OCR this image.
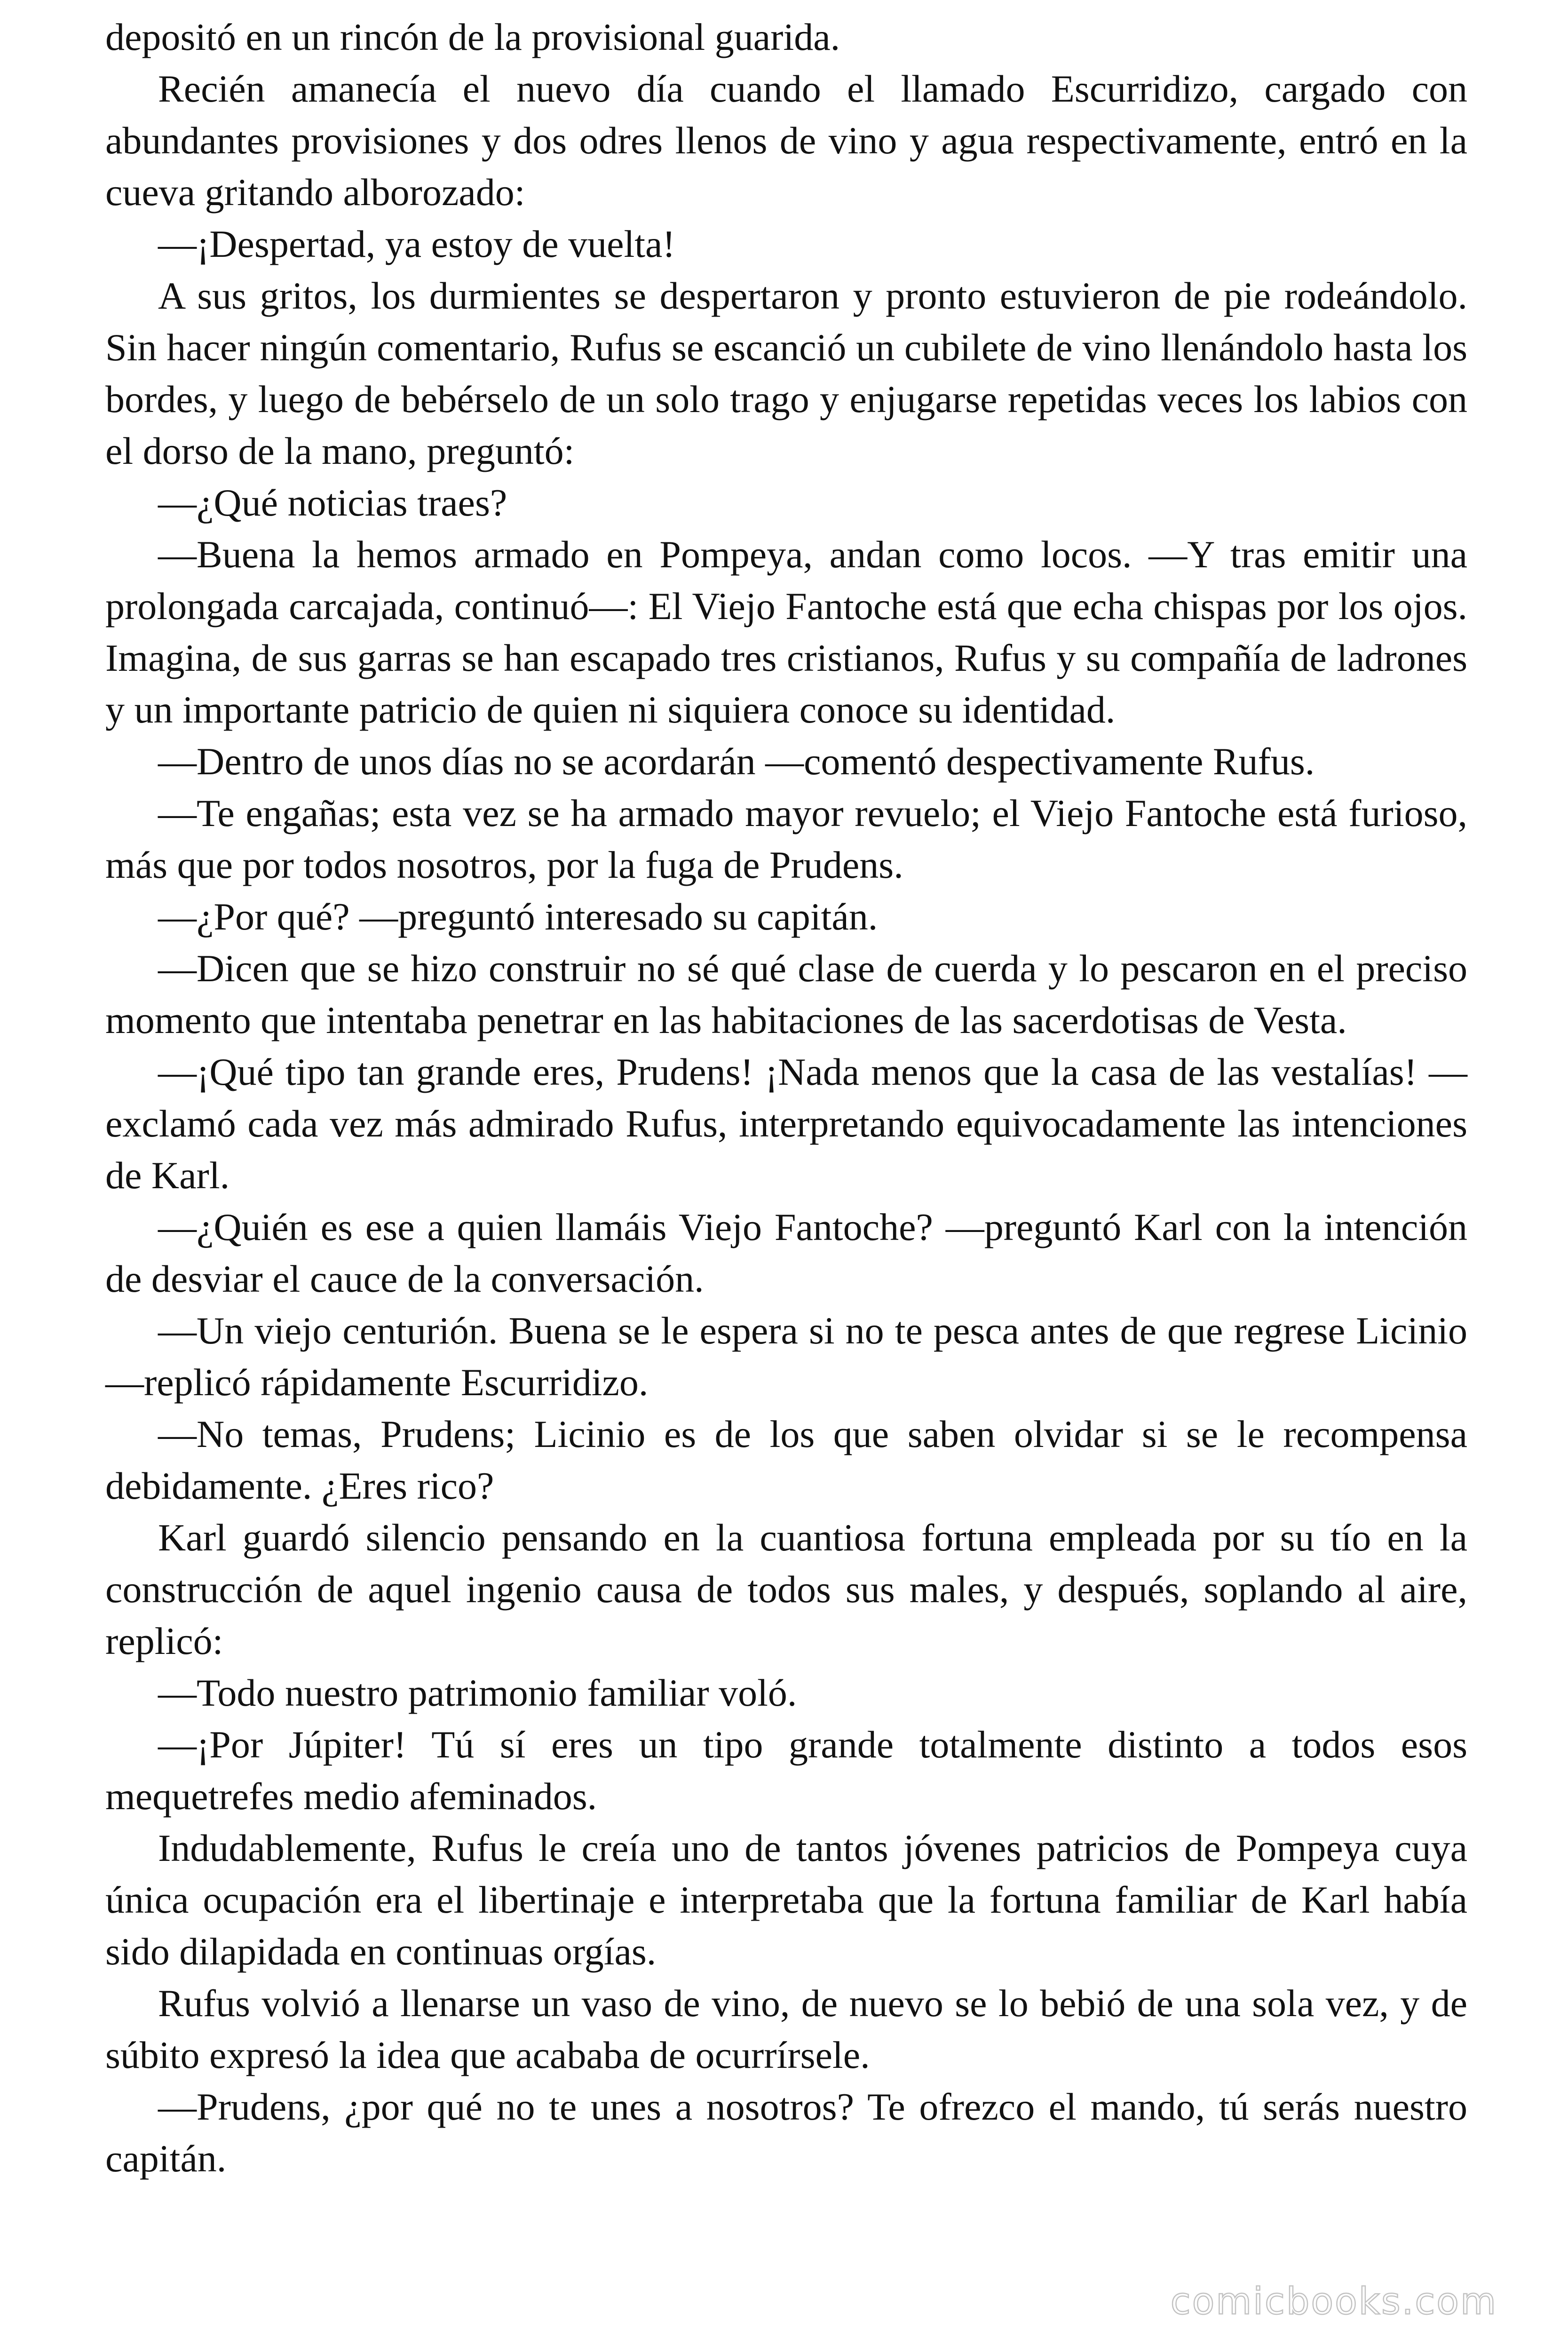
depositó en un rincón de la provisional guarida.

Recién amanecía el nuevo día cuando el llamado Escurridizo, cargado con abundantes provisiones y dos odres llenos de vino y agua respectivamente, entró en la cueva gritando alborozado:

—¡Despertad, ya estoy de vuelta!

A sus gritos, los durmientes se despertaron y pronto estuvieron de pie rodeándolo. Sin hacer ningún comentario, Rufus se escanció un cubilete de vino llenándolo hasta los bordes, y luego de bebérselo de un solo trago y enjugarse repetidas veces los labios con el dorso de la mano, preguntó:

—¿Qué noticias traes?

—Buena la hemos armado en Pompeya, andan como locos. —Y tras emitir una prolongada carcajada, continuó—: El Viejo Fantoche está que echa chispas por los ojos. Imagina, de sus garras se han escapado tres cristianos, Rufus y su compañía de ladrones y un importante patricio de quien ni siquiera conoce su identidad.

—Dentro de unos días no se acordarán —comentó despectivamente Rufus.

—Te engañas; esta vez se ha armado mayor revuelo; el Viejo Fantoche está furioso, más que por todos nosotros, por la fuga de Prudens.

—¿Por qué? —preguntó interesado su capitán.

—Dicen que se hizo construir no sé qué clase de cuerda y lo pescaron en el preciso momento que intentaba penetrar en las habitaciones de las sacerdotisas de Vesta.

—¡Qué tipo tan grande eres, Prudens! ¡Nada menos que la casa de las vestalías! —exclamó cada vez más admirado Rufus, interpretando equivocadamente las intenciones de Karl.

—¿Quién es ese a quien llamáis Viejo Fantoche? —preguntó Karl con la intención de desviar el cauce de la conversación.

—Un viejo centurión. Buena se le espera si no te pesca antes de que regrese Licinio —replicó rápidamente Escurridizo.

—No temas, Prudens; Licinio es de los que saben olvidar si se le recompensa debidamente. ¿Eres rico?

Karl guardó silencio pensando en la cuantiosa fortuna empleada por su tío en la construcción de aquel ingenio causa de todos sus males, y después, soplando al aire, replicó:

—Todo nuestro patrimonio familiar voló.

—¡Por Júpiter! Tú sí eres un tipo grande totalmente distinto a todos esos mequetrefes medio afeminados.

Indudablemente, Rufus le creía uno de tantos jóvenes patricios de Pompeya cuya única ocupación era el libertinaje e interpretaba que la fortuna familiar de Karl había sido dilapidada en continuas orgías.

Rufus volvió a llenarse un vaso de vino, de nuevo se lo bebió de una sola vez, y de súbito expresó la idea que acababa de ocurrírsele.

—Prudens, ¿por qué no te unes a nosotros? Te ofrezco el mando, tú serás nuestro capitán.

comicbooks.com
